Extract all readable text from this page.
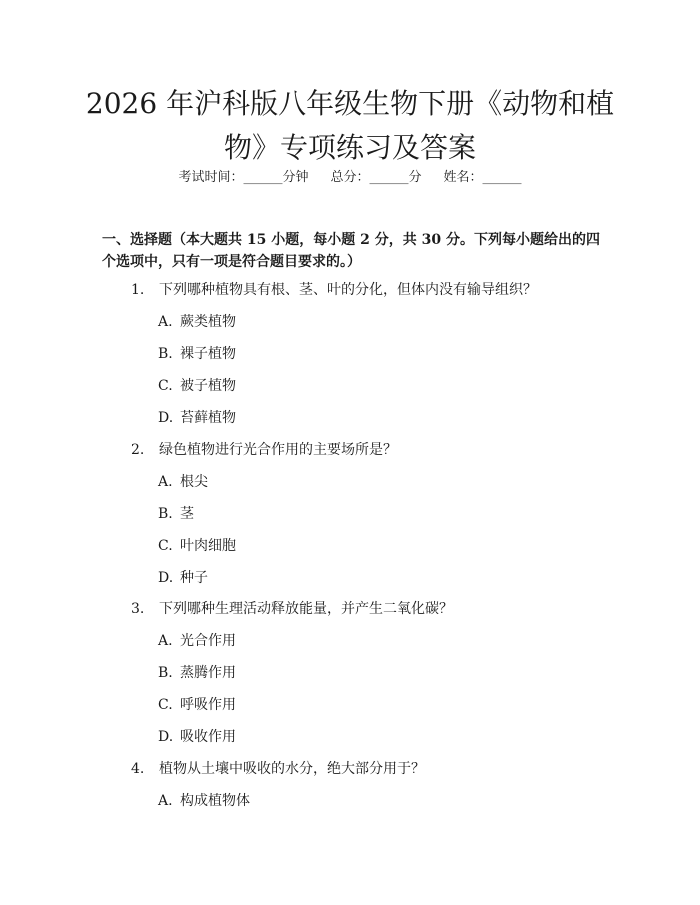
2026 年沪科版八年级生物下册《动物和植
物》专项练习及答案
考试时间：______分钟 总分：______分 姓名：______

一、选择题（本大题共 15 小题，每小题 2 分，共 30 分。下列每小题给出的四个选项中，只有一项是符合题目要求的。）

1. 下列哪种植物具有根、茎、叶的分化，但体内没有输导组织？
A. 蕨类植物
B. 裸子植物
C. 被子植物
D. 苔藓植物
2. 绿色植物进行光合作用的主要场所是？
A. 根尖
B. 茎
C. 叶肉细胞
D. 种子
3. 下列哪种生理活动释放能量，并产生二氧化碳？
A. 光合作用
B. 蒸腾作用
C. 呼吸作用
D. 吸收作用
4. 植物从土壤中吸收的水分，绝大部分用于？
A. 构成植物体
